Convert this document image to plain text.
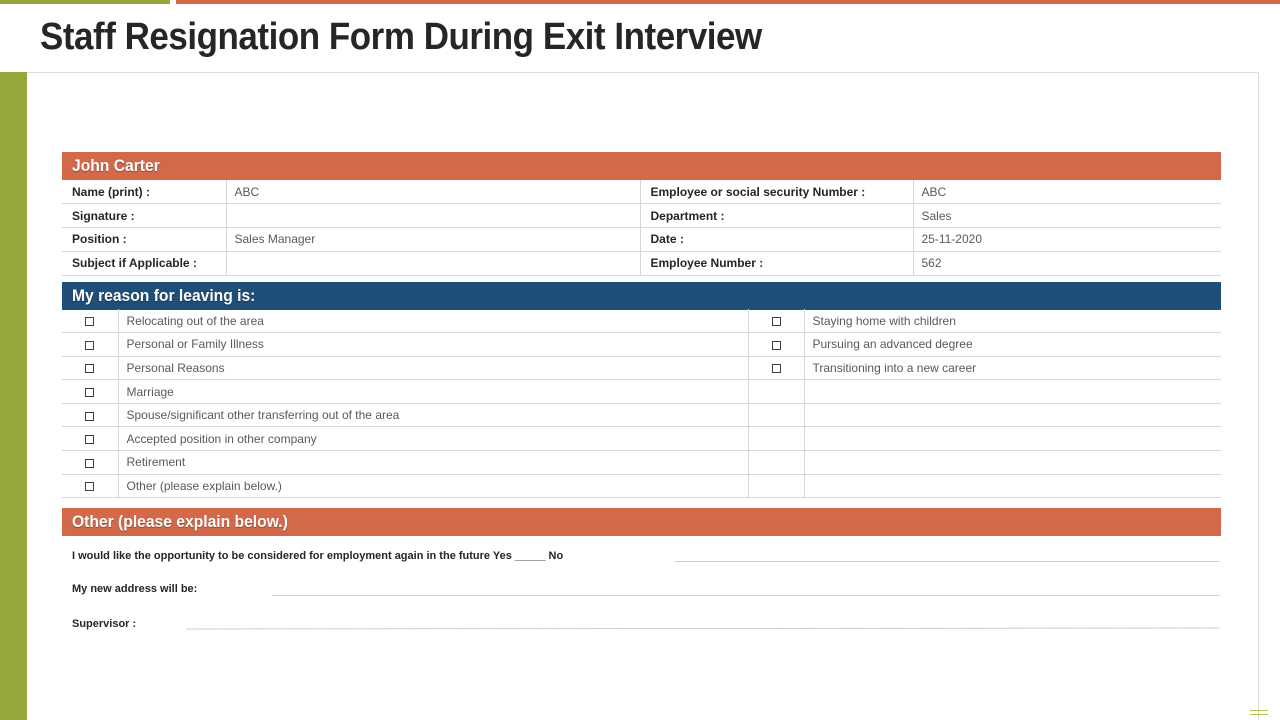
Staff Resignation Form During Exit Interview
John Carter
Name (print) :	ABC	Employee or social security Number :	ABC
Signature :		Department :	Sales
Position :	Sales Manager	Date :	25-11-2020
Subject if Applicable :		Employee Number :	562
My reason for leaving is:
	Relocating out of the area		Staying home with children
	Personal or Family Illness		Pursuing an advanced degree
	Personal Reasons		Transitioning into a new career
	Marriage		
	Spouse/significant other transferring out of the area		
	Accepted position in other company		
	Retirement		
	Other (please explain below.)		
Other (please explain below.)
I would like the opportunity to be considered for employment again in the future Yes _____ No
My new address will be:
Supervisor :
